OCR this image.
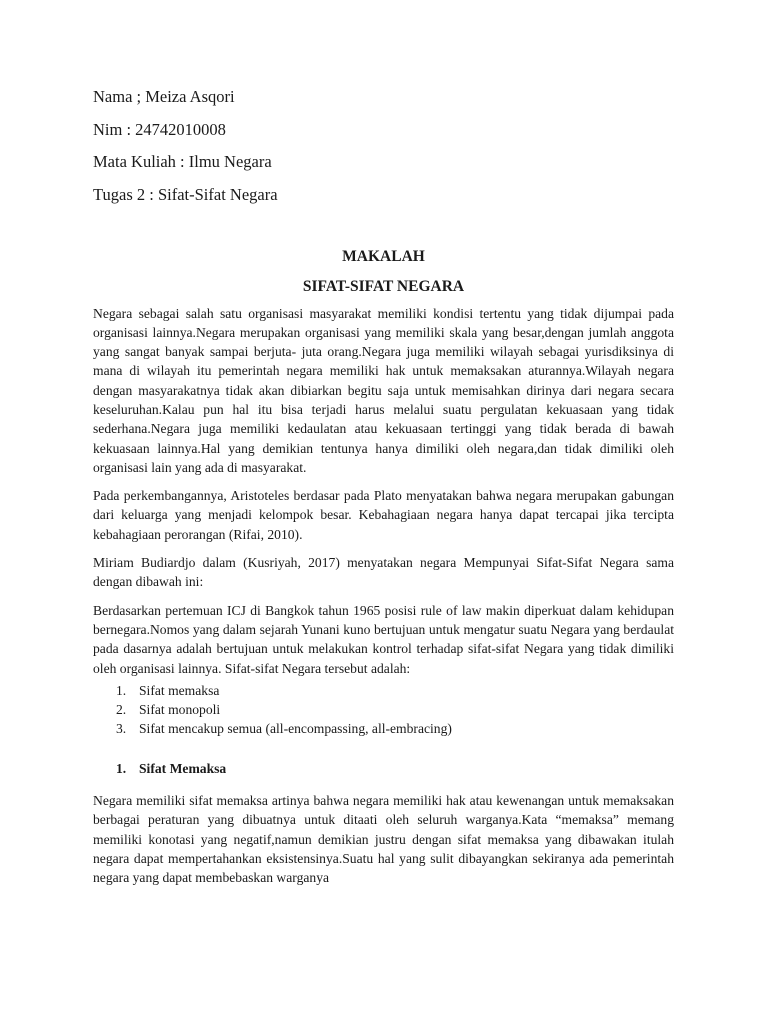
Nama ; Meiza Asqori

Nim : 24742010008

Mata Kuliah : Ilmu Negara

Tugas 2 : Sifat-Sifat Negara

MAKALAH
SIFAT-SIFAT NEGARA

Negara sebagai salah satu organisasi masyarakat memiliki kondisi tertentu yang tidak dijumpai pada organisasi lainnya.Negara merupakan organisasi yang memiliki skala yang besar,dengan jumlah anggota yang sangat banyak sampai berjuta- juta orang.Negara juga memiliki wilayah sebagai yurisdiksinya di mana di wilayah itu pemerintah negara memiliki hak untuk memaksakan aturannya.Wilayah negara dengan masyarakatnya tidak akan dibiarkan begitu saja untuk memisahkan dirinya dari negara secara keseluruhan.Kalau pun hal itu bisa terjadi harus melalui suatu pergulatan kekuasaan yang tidak sederhana.Negara juga memiliki kedaulatan atau kekuasaan tertinggi yang tidak berada di bawah kekuasaan lainnya.Hal yang demikian tentunya hanya dimiliki oleh negara,dan tidak dimiliki oleh organisasi lain yang ada di masyarakat.

Pada perkembangannya, Aristoteles berdasar pada Plato menyatakan bahwa negara merupakan gabungan dari keluarga yang menjadi kelompok besar. Kebahagiaan negara hanya dapat tercapai jika tercipta kebahagiaan perorangan (Rifai, 2010).

Miriam Budiardjo dalam (Kusriyah, 2017) menyatakan negara Mempunyai Sifat-Sifat Negara sama dengan dibawah ini:

Berdasarkan pertemuan ICJ di Bangkok tahun 1965 posisi rule of law makin diperkuat dalam kehidupan bernegara.Nomos yang dalam sejarah Yunani kuno bertujuan untuk mengatur suatu Negara yang berdaulat pada dasarnya adalah bertujuan untuk melakukan kontrol terhadap sifat-sifat Negara yang tidak dimiliki oleh organisasi lainnya. Sifat-sifat Negara tersebut adalah:

1. Sifat memaksa
2. Sifat monopoli
3. Sifat mencakup semua (all-encompassing, all-embracing)
1. Sifat Memaksa

Negara memiliki sifat memaksa artinya bahwa negara memiliki hak atau kewenangan untuk memaksakan berbagai peraturan yang dibuatnya untuk ditaati oleh seluruh warganya.Kata “memaksa” memang memiliki konotasi yang negatif,namun demikian justru dengan sifat memaksa yang dibawakan itulah negara dapat mempertahankan eksistensinya.Suatu hal yang sulit dibayangkan sekiranya ada pemerintah negara yang dapat membebaskan warganya
